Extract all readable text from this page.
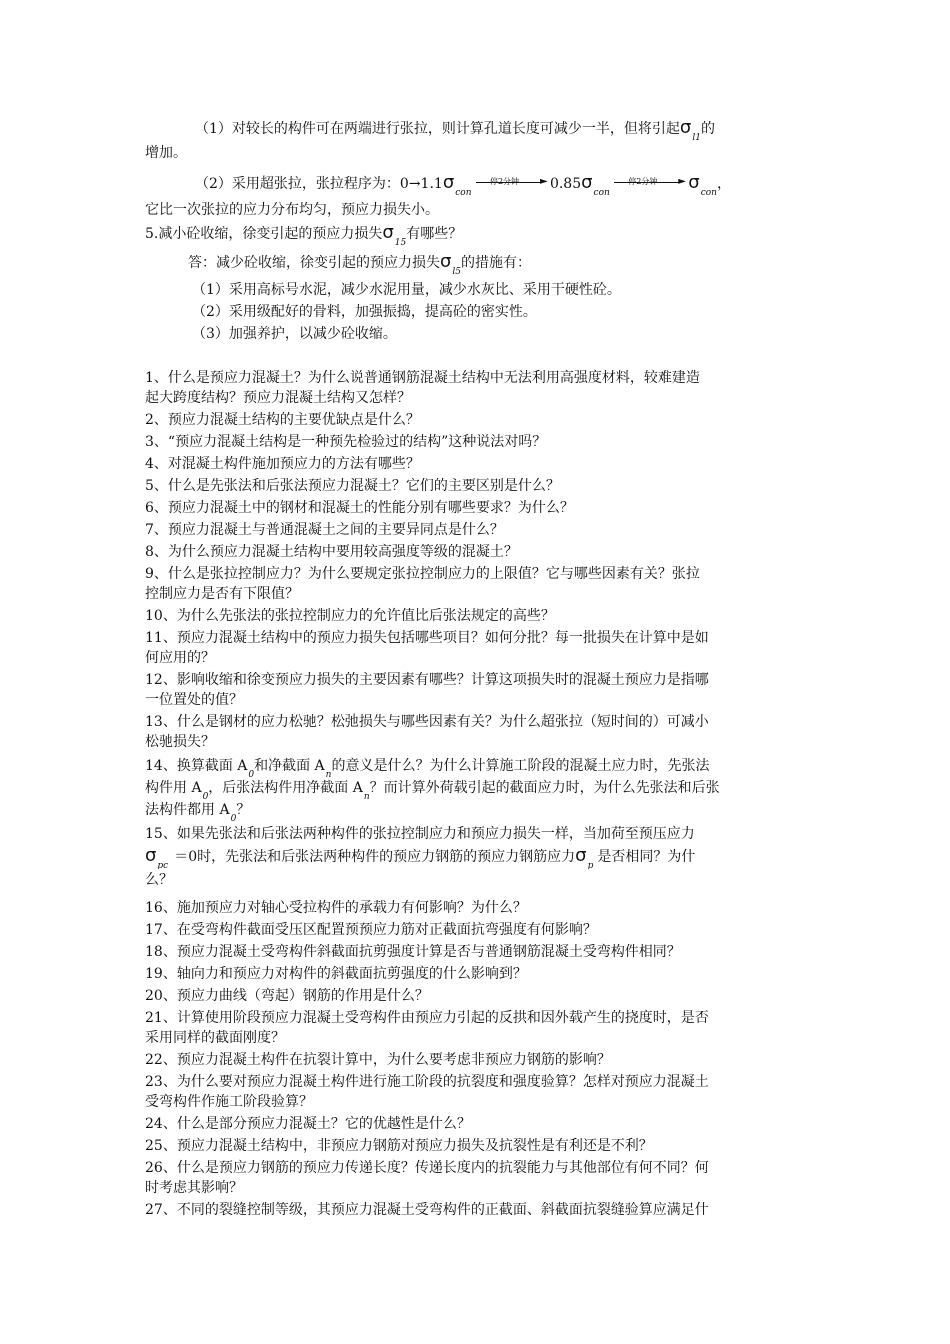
（1）对较长的构件可在两端进行张拉，则计算孔道长度可减少一半，但将引起$\sigma_{l1}$的
增加。
（2）采用超张拉，张拉程序为：$0\to 1.1\sigma_{con}$
► $0.85\sigma_{con}$
► $\sigma_{con}$，
它比一次张拉的应力分布均匀，预应力损失小。
5.减小砼收缩，徐变引起的预应力损失$\sigma_{15}$有哪些？
答：减少砼收缩，徐变引起的预应力损失$\sigma_{l5}$的措施有：
（1）采用高标号水泥，减少水泥用量，减少水灰比、采用干硬性砼。
（2）采用级配好的骨料，加强振捣，提高砼的密实性。
（3）加强养护，以减少砼收缩。
1、什么是预应力混凝土？为什么说普通钢筋混凝土结构中无法利用高强度材料，较难建造
起大跨度结构？预应力混凝土结构又怎样？
2、预应力混凝土结构的主要优缺点是什么？
3、“预应力混凝土结构是一种预先检验过的结构”这种说法对吗？
4、对混凝土构件施加预应力的方法有哪些？
5、什么是先张法和后张法预应力混凝土？它们的主要区别是什么？
6、预应力混凝土中的钢材和混凝土的性能分别有哪些要求？为什么？
7、预应力混凝土与普通混凝土之间的主要异同点是什么？
8、为什么预应力混凝土结构中要用较高强度等级的混凝土？
9、什么是张拉控制应力？为什么要规定张拉控制应力的上限值？它与哪些因素有关？张拉
控制应力是否有下限值？
10、为什么先张法的张拉控制应力的允许值比后张法规定的高些？
11、预应力混凝土结构中的预应力损失包括哪些项目？如何分批？每一批损失在计算中是如
何应用的？
12、影响收缩和徐变预应力损失的主要因素有哪些？计算这项损失时的混凝土预应力是指哪
一位置处的值？
13、什么是钢材的应力松驰？松弛损失与哪些因素有关？为什么超张拉（短时间的）可减小
松驰损失？
14、换算截面 $A_0$和净截面 $A_n$的意义是什么？为什么计算施工阶段的混凝土应力时，先张法
构件用 $A_0$，后张法构件用净截面 $A_n$？而计算外荷载引起的截面应力时，为什么先张法和后张
法构件都用 $A_0$？
15、如果先张法和后张法两种构件的张拉控制应力和预应力损失一样，当加荷至预压应力
$\sigma_{pc}=0$时，先张法和后张法两种构件的预应力钢筋的预应力钢筋应力$\sigma_p$是否相同？为什
么？
16、施加预应力对轴心受拉构件的承载力有何影响？为什么？
17、在受弯构件截面受压区配置预预应力筋对正截面抗弯强度有何影响？
18、预应力混凝土受弯构件斜截面抗剪强度计算是否与普通钢筋混凝土受弯构件相同？
19、轴向力和预应力对构件的斜截面抗剪强度的什么影响到？
20、预应力曲线（弯起）钢筋的作用是什么？
21、计算使用阶段预应力混凝土受弯构件由预应力引起的反拱和因外载产生的挠度时，是否
采用同样的截面刚度？
22、预应力混凝土构件在抗裂计算中，为什么要考虑非预应力钢筋的影响？
23、为什么要对预应力混凝土构件进行施工阶段的抗裂度和强度验算？怎样对预应力混凝土
受弯构件作施工阶段验算？
24、什么是部分预应力混凝土？它的优越性是什么？
25、预应力混凝土结构中，非预应力钢筋对预应力损失及抗裂性是有利还是不利？
26、什么是预应力钢筋的预应力传递长度？传递长度内的抗裂能力与其他部位有何不同？何
时考虑其影响？
27、不同的裂缝控制等级，其预应力混凝土受弯构件的正截面、斜截面抗裂缝验算应满足什
